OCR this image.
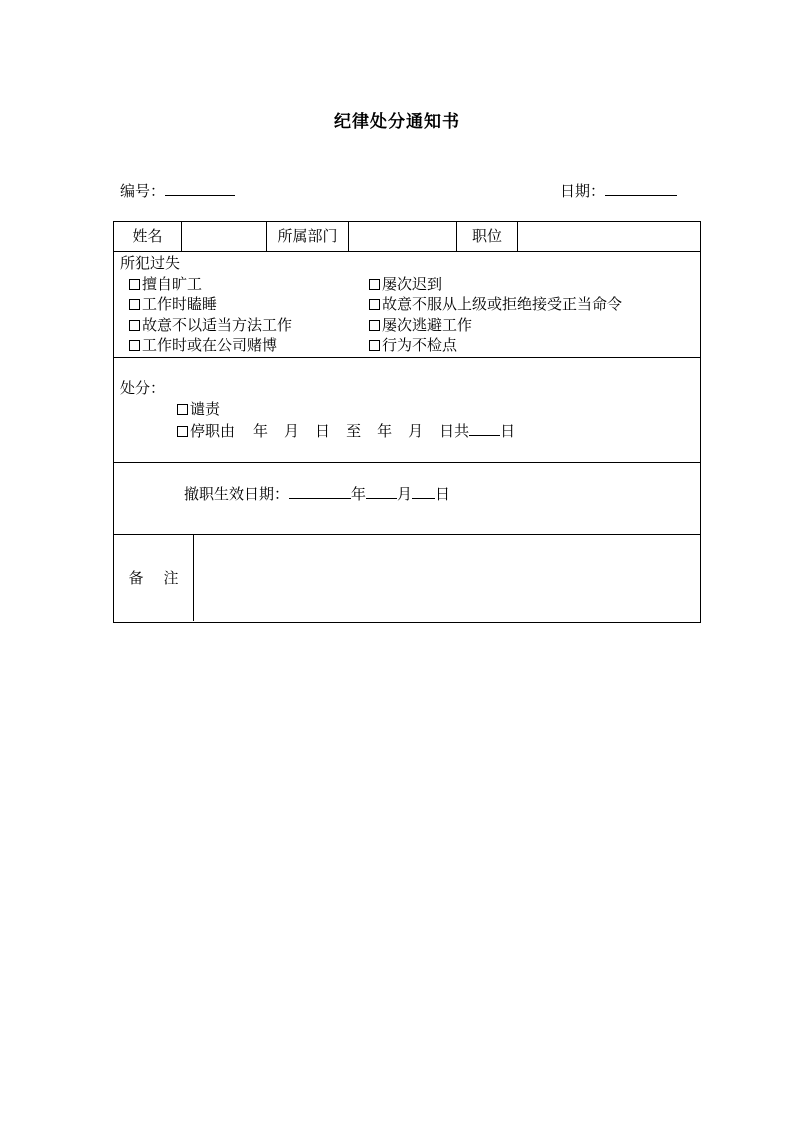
纪律处分通知书
编号：	日期：
姓名	所属部门	职位
所犯过失
擅自旷工	屡次迟到
工作时瞌睡	故意不服从上级或拒绝接受正当命令
故意不以适当方法工作	屡次逃避工作
工作时或在公司赌博	行为不检点
处分：
谴责
停职由 年 月 日 至 年 月 日共 日
撤职生效日期：	年 月 日
备 注
